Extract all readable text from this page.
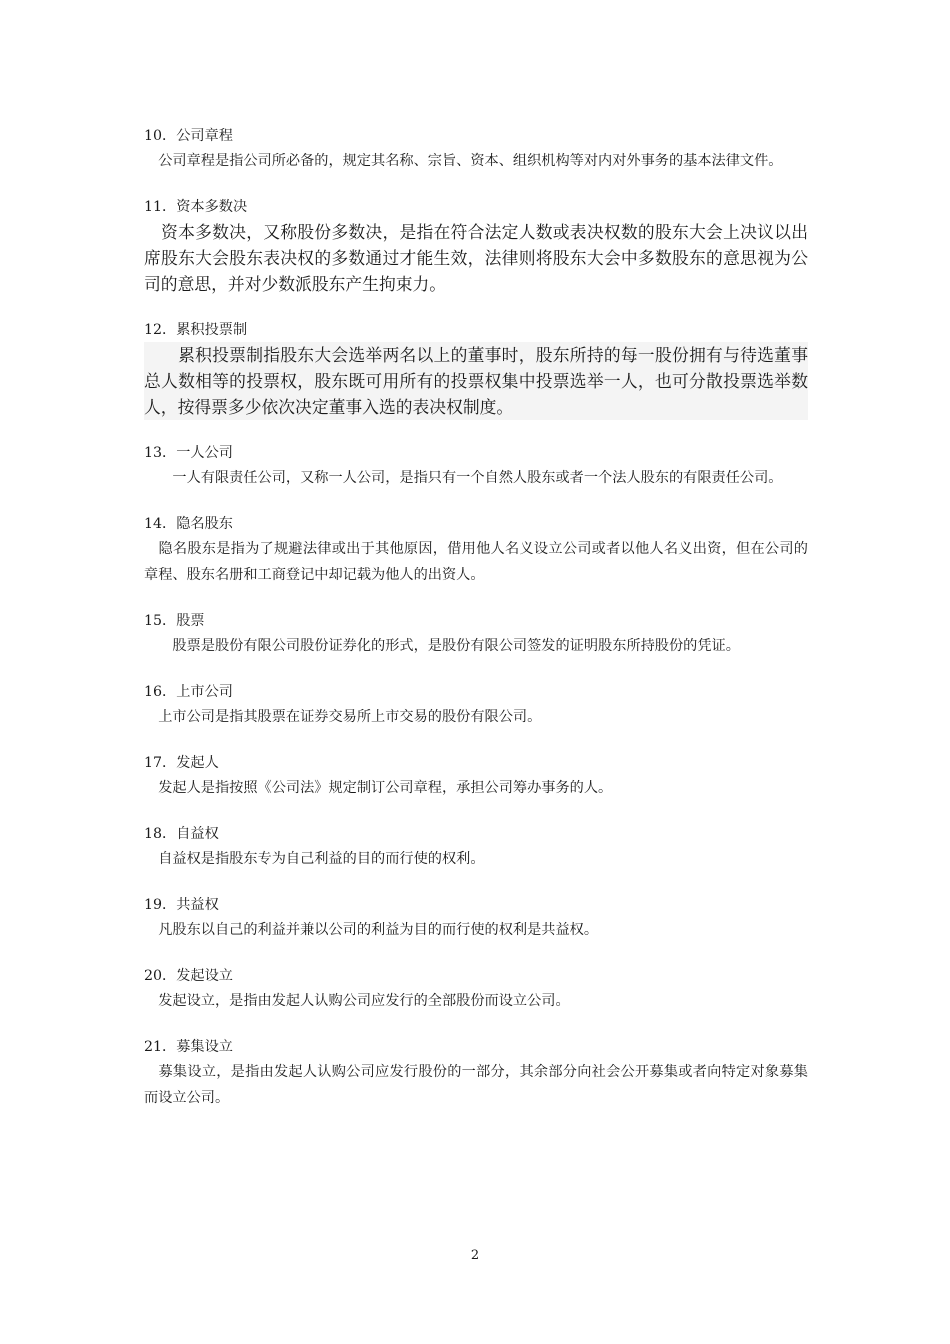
10．公司章程
　公司章程是指公司所必备的，规定其名称、宗旨、资本、组织机构等对内对外事务的基本法律文件。
11．资本多数决
　资本多数决，又称股份多数决，是指在符合法定人数或表决权数的股东大会上决议以出席股东大会股东表决权的多数通过才能生效，法律则将股东大会中多数股东的意思视为公司的意思，并对少数派股东产生拘束力。
12．累积投票制
　　累积投票制指股东大会选举两名以上的董事时，股东所持的每一股份拥有与待选董事总人数相等的投票权，股东既可用所有的投票权集中投票选举一人，也可分散投票选举数人，按得票多少依次决定董事入选的表决权制度。
13．一人公司
　　一人有限责任公司，又称一人公司，是指只有一个自然人股东或者一个法人股东的有限责任公司。
14．隐名股东
　隐名股东是指为了规避法律或出于其他原因，借用他人名义设立公司或者以他人名义出资，但在公司的章程、股东名册和工商登记中却记载为他人的出资人。
15．股票
　　股票是股份有限公司股份证券化的形式，是股份有限公司签发的证明股东所持股份的凭证。
16．上市公司
　上市公司是指其股票在证券交易所上市交易的股份有限公司。
17．发起人
　发起人是指按照《公司法》规定制订公司章程，承担公司筹办事务的人。
18．自益权
　自益权是指股东专为自己利益的目的而行使的权利。
19．共益权
　凡股东以自己的利益并兼以公司的利益为目的而行使的权利是共益权。
20．发起设立
　发起设立，是指由发起人认购公司应发行的全部股份而设立公司。
21．募集设立
　募集设立，是指由发起人认购公司应发行股份的一部分，其余部分向社会公开募集或者向特定对象募集而设立公司。
2
